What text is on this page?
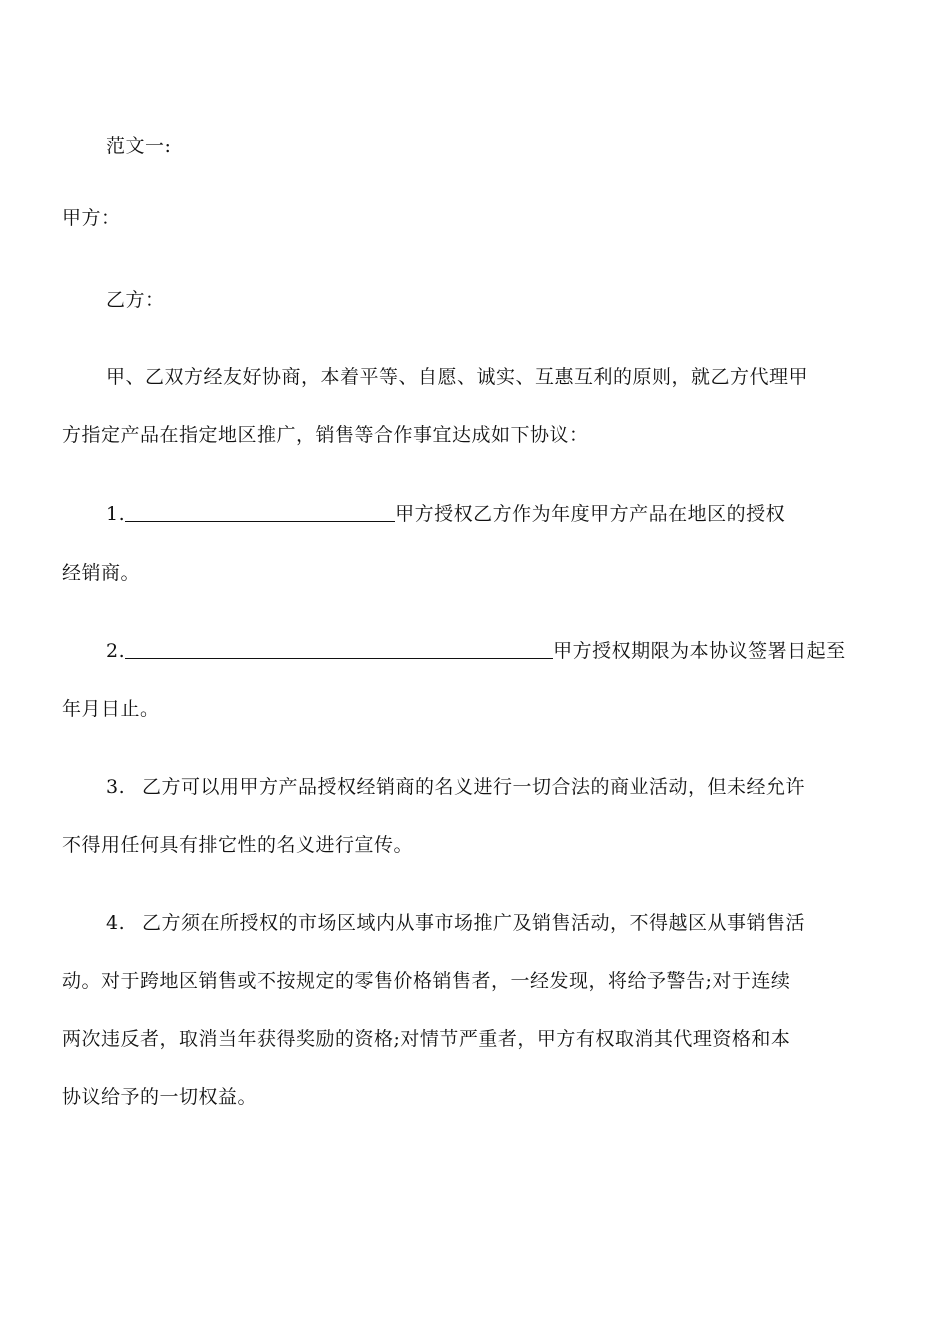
范文一:
甲方：
乙方：
甲、乙双方经友好协商，本着平等、自愿、诚实、互惠互利的原则，就乙方代理甲
方指定产品在指定地区推广，销售等合作事宜达成如下协议：
1.	甲方授权乙方作为年度甲方产品在地区的授权
经销商。
2.	甲方授权期限为本协议签署日起至
年月日止。
3. 乙方可以用甲方产品授权经销商的名义进行一切合法的商业活动，但未经允许
不得用任何具有排它性的名义进行宣传。
4. 乙方须在所授权的市场区域内从事市场推广及销售活动，不得越区从事销售活
动。对于跨地区销售或不按规定的零售价格销售者，一经发现，将给予警告;对于连续
两次违反者，取消当年获得奖励的资格;对情节严重者，甲方有权取消其代理资格和本
协议给予的一切权益。
